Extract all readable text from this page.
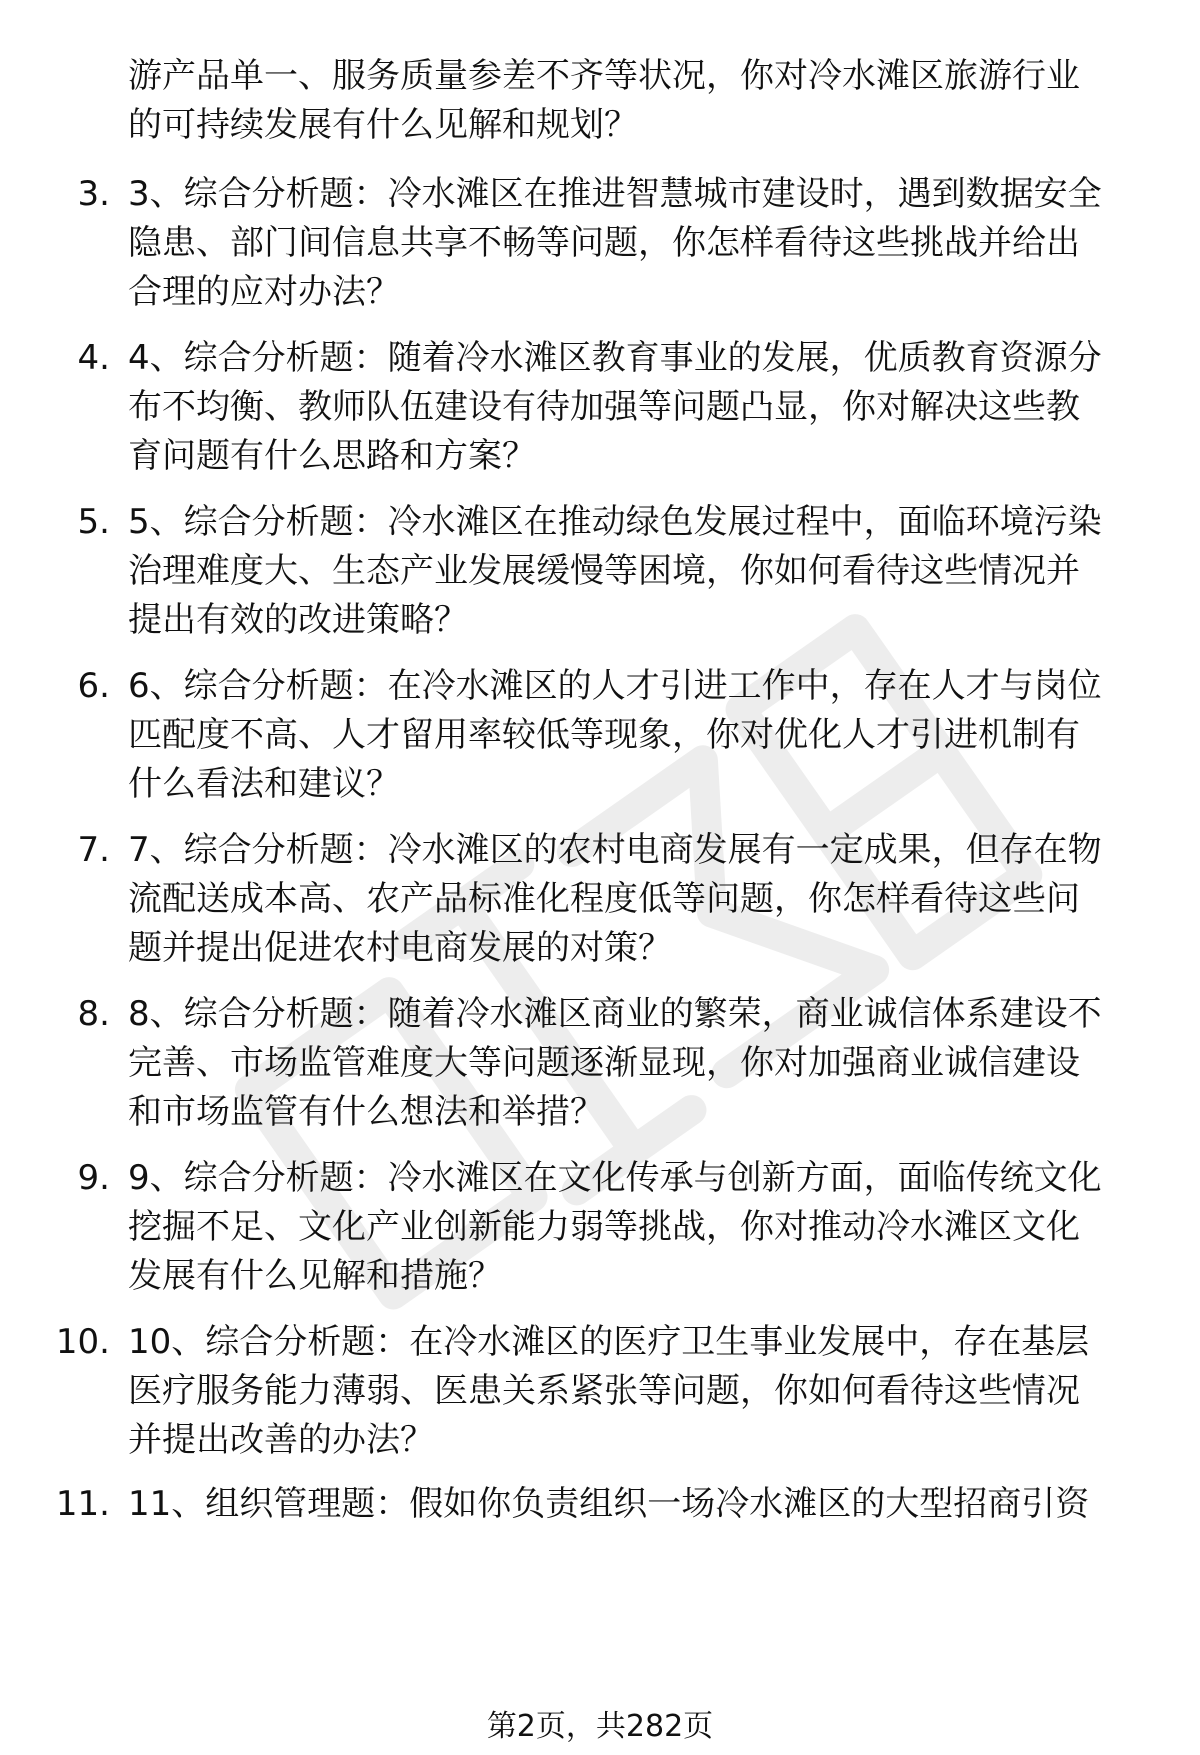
游产品单一、服务质量参差不齐等状况，你对冷水滩区旅游行业
的可持续发展有什么见解和规划？
3. 3、综合分析题：冷水滩区在推进智慧城市建设时，遇到数据安全
隐患、部门间信息共享不畅等问题，你怎样看待这些挑战并给出
合理的应对办法？
4. 4、综合分析题：随着冷水滩区教育事业的发展，优质教育资源分
布不均衡、教师队伍建设有待加强等问题凸显，你对解决这些教
育问题有什么思路和方案？
5. 5、综合分析题：冷水滩区在推动绿色发展过程中，面临环境污染
治理难度大、生态产业发展缓慢等困境，你如何看待这些情况并
提出有效的改进策略？
6. 6、综合分析题：在冷水滩区的人才引进工作中，存在人才与岗位
匹配度不高、人才留用率较低等现象，你对优化人才引进机制有
什么看法和建议？
7. 7、综合分析题：冷水滩区的农村电商发展有一定成果，但存在物
流配送成本高、农产品标准化程度低等问题，你怎样看待这些问
题并提出促进农村电商发展的对策？
8. 8、综合分析题：随着冷水滩区商业的繁荣，商业诚信体系建设不
完善、市场监管难度大等问题逐渐显现，你对加强商业诚信建设
和市场监管有什么想法和举措？
9. 9、综合分析题：冷水滩区在文化传承与创新方面，面临传统文化
挖掘不足、文化产业创新能力弱等挑战，你对推动冷水滩区文化
发展有什么见解和措施？
10. 10、综合分析题：在冷水滩区的医疗卫生事业发展中，存在基层
医疗服务能力薄弱、医患关系紧张等问题，你如何看待这些情况
并提出改善的办法？
11. 11、组织管理题：假如你负责组织一场冷水滩区的大型招商引资
第2页，共282页
